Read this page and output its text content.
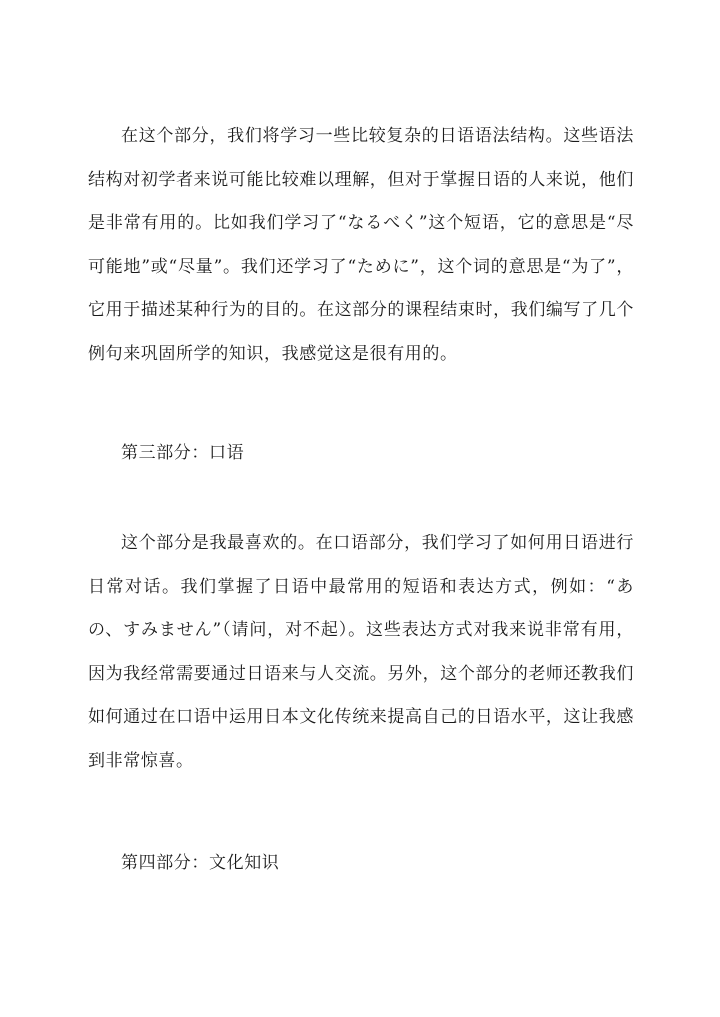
在这个部分，我们将学习一些比较复杂的日语语法结构。这些语法结构对初学者来说可能比较难以理解，但对于掌握日语的人来说，他们是非常有用的。比如我们学习了“なるべく”这个短语，它的意思是“尽可能地”或“尽量”。我们还学习了“ために”，这个词的意思是“为了”，它用于描述某种行为的目的。在这部分的课程结束时，我们编写了几个例句来巩固所学的知识，我感觉这是很有用的。

第三部分：口语

这个部分是我最喜欢的。在口语部分，我们学习了如何用日语进行日常对话。我们掌握了日语中最常用的短语和表达方式，例如：“あの、すみません”（请问，对不起）。这些表达方式对我来说非常有用，因为我经常需要通过日语来与人交流。另外，这个部分的老师还教我们如何通过在口语中运用日本文化传统来提高自己的日语水平，这让我感到非常惊喜。

第四部分：文化知识
